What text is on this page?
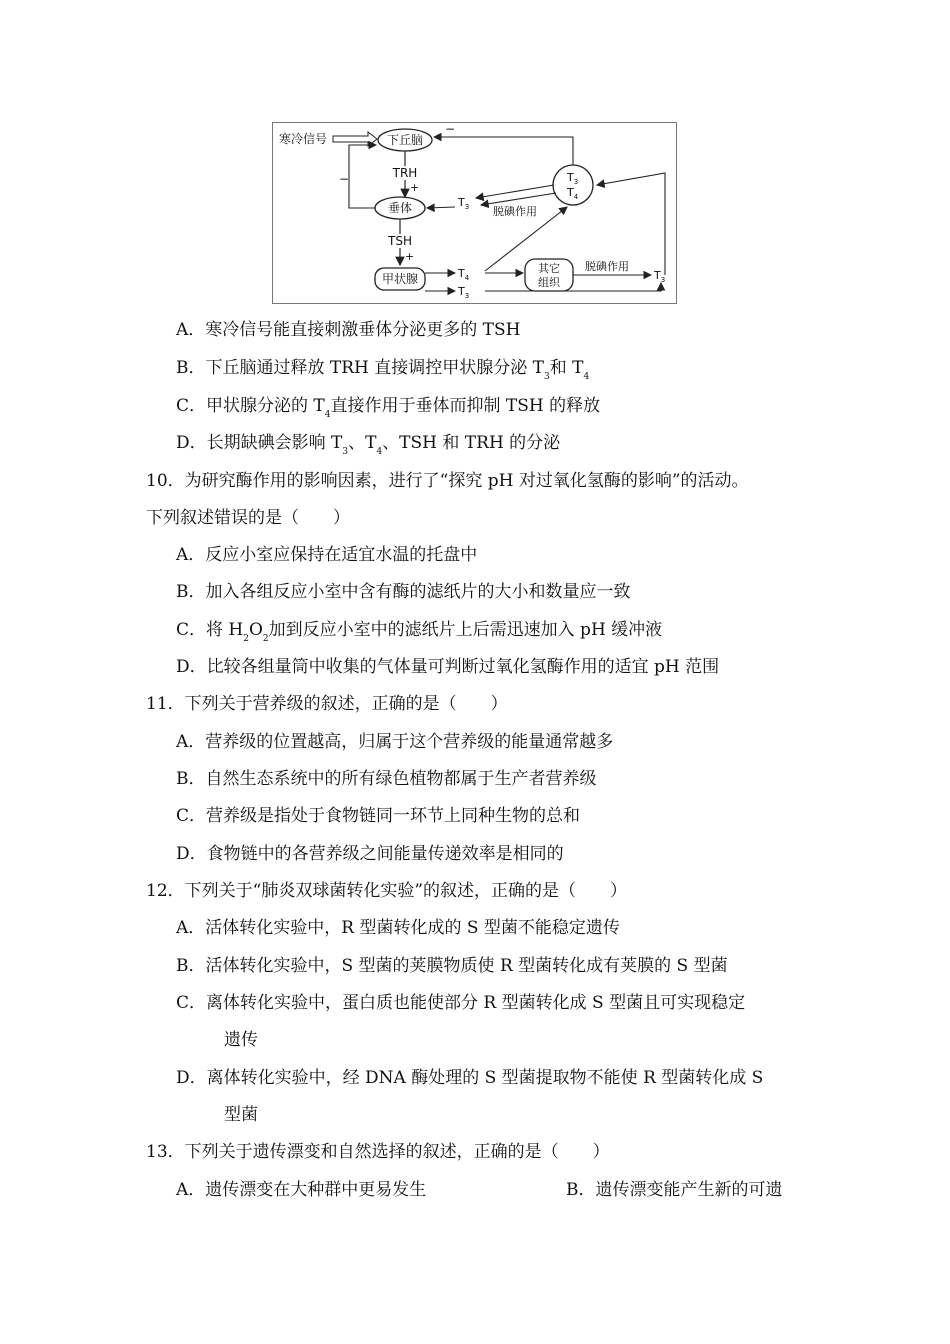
寒冷信号	下丘脑
TRH
+
垂体
−
TSH
+
甲状腺	$T_4$
$T_3$
$T_3$
$T_4$
−
$T_3$ 脱碘作用
其它
组织
脱碘作用
$T_3$
A．寒冷信号能直接刺激垂体分泌更多的 TSH
B．下丘脑通过释放 TRH 直接调控甲状腺分泌 $T_3$和 $T_4$
C．甲状腺分泌的 $T_4$直接作用于垂体而抑制 TSH 的释放
D．长期缺碘会影响 $T_3$、$T_4$、TSH 和 TRH 的分泌
10．为研究酶作用的影响因素，进行了“探究 pH 对过氧化氢酶的影响”的活动。
下列叙述错误的是（　　）
A．反应小室应保持在适宜水温的托盘中
B．加入各组反应小室中含有酶的滤纸片的大小和数量应一致
C．将 $H_2O_2$加到反应小室中的滤纸片上后需迅速加入 pH 缓冲液
D．比较各组量筒中收集的气体量可判断过氧化氢酶作用的适宜 pH 范围
11．下列关于营养级的叙述，正确的是（　　）
A．营养级的位置越高，归属于这个营养级的能量通常越多
B．自然生态系统中的所有绿色植物都属于生产者营养级
C．营养级是指处于食物链同一环节上同种生物的总和
D．食物链中的各营养级之间能量传递效率是相同的
12．下列关于“肺炎双球菌转化实验”的叙述，正确的是（　　）
A．活体转化实验中，R 型菌转化成的 S 型菌不能稳定遗传
B．活体转化实验中，S 型菌的荚膜物质使 R 型菌转化成有荚膜的 S 型菌
C．离体转化实验中，蛋白质也能使部分 R 型菌转化成 S 型菌且可实现稳定
遗传
D．离体转化实验中，经 DNA 酶处理的 S 型菌提取物不能使 R 型菌转化成 S
型菌
13．下列关于遗传漂变和自然选择的叙述，正确的是（　　）
A．遗传漂变在大种群中更易发生	B．遗传漂变能产生新的可遗
